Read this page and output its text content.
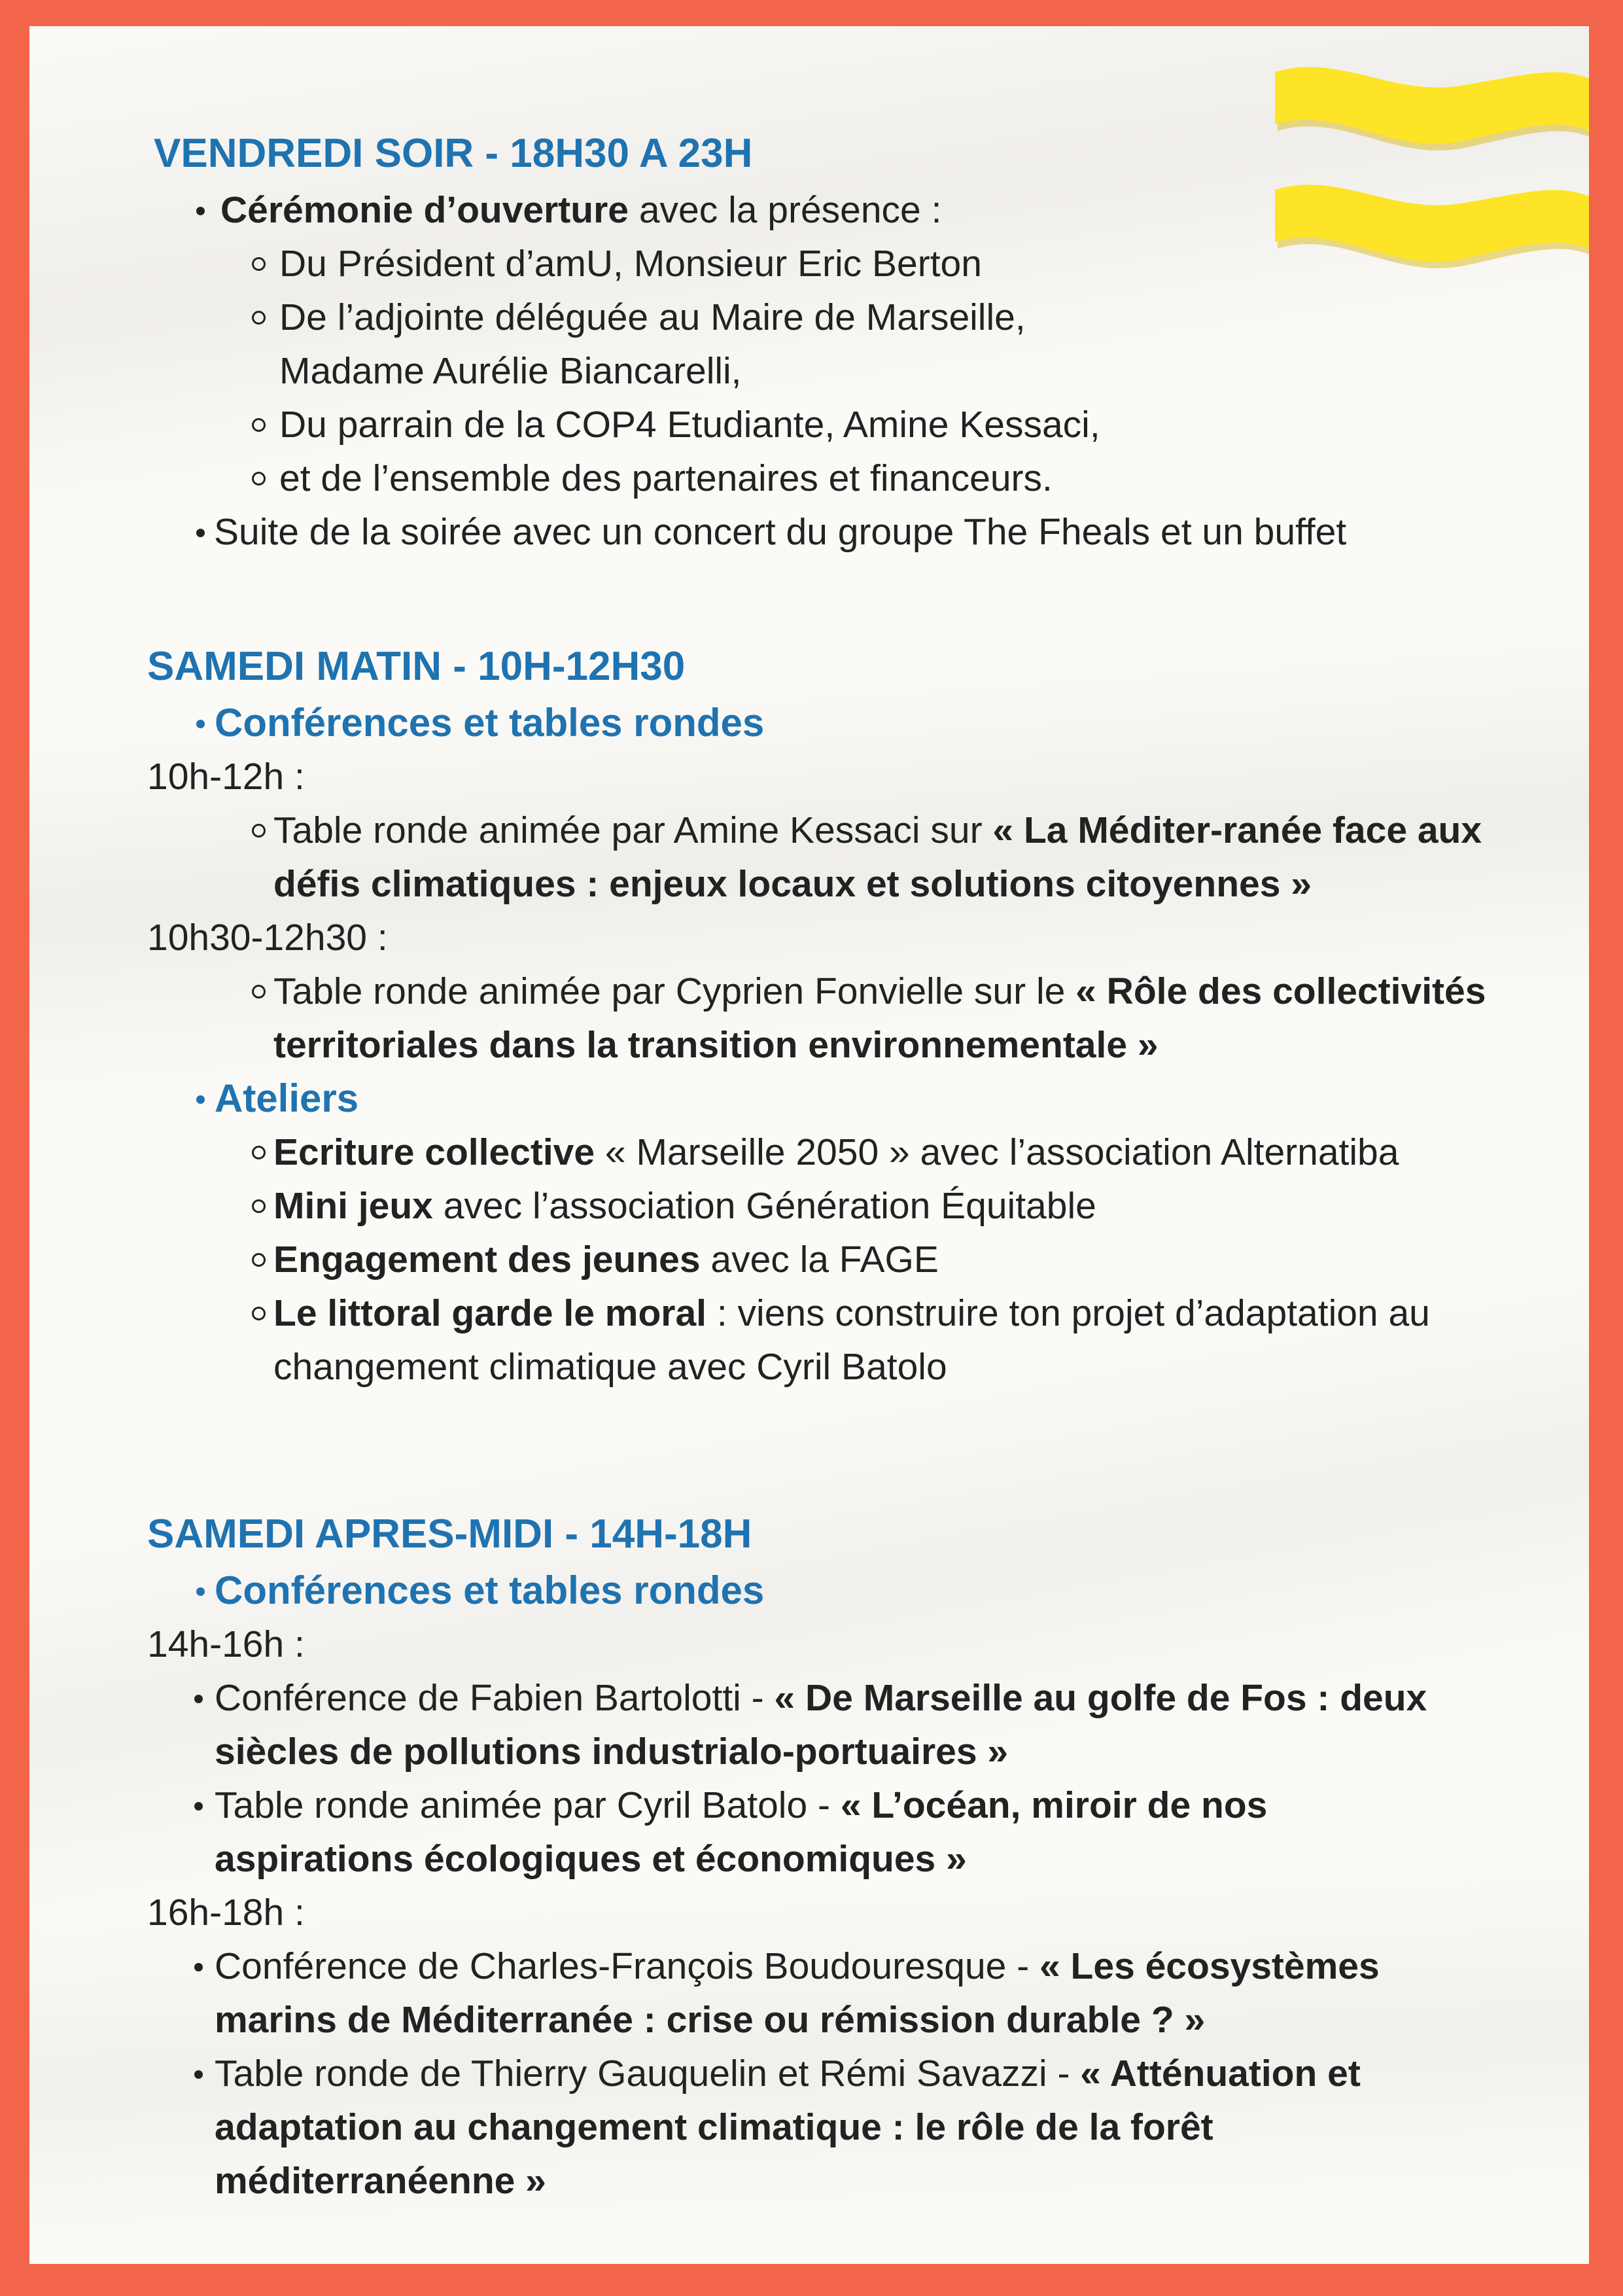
VENDREDI SOIR - 18H30 A 23H
Cérémonie d’ouverture avec la présence :
Du Président d’amU, Monsieur Eric Berton
De l’adjointe déléguée au Maire de Marseille, Madame Aurélie Biancarelli,
Du parrain de la COP4 Etudiante, Amine Kessaci,
et de l’ensemble des partenaires et financeurs.
Suite de la soirée avec un concert du groupe The Fheals et un buffet
SAMEDI MATIN - 10H-12H30
Conférences et tables rondes
10h-12h :
Table ronde animée par Amine Kessaci sur « La Méditer-ranée face aux défis climatiques : enjeux locaux et solutions citoyennes »
10h30-12h30 :
Table ronde animée par Cyprien Fonvielle sur le « Rôle des collectivités territoriales dans la transition environnementale »
Ateliers
Ecriture collective « Marseille 2050 » avec l’association Alternatiba
Mini jeux avec l’association Génération Équitable
Engagement des jeunes avec la FAGE
Le littoral garde le moral : viens construire ton projet d’adaptation au changement climatique avec Cyril Batolo
SAMEDI APRES-MIDI - 14H-18H
Conférences et tables rondes
14h-16h :
Conférence de Fabien Bartolotti - « De Marseille au golfe de Fos : deux siècles de pollutions industrialo-portuaires »
Table ronde animée par Cyril Batolo - « L’océan, miroir de nos aspirations écologiques et économiques »
16h-18h :
Conférence de Charles-François Boudouresque - « Les écosystèmes marins de Méditerranée : crise ou rémission durable ? »
Table ronde de Thierry Gauquelin et Rémi Savazzi - « Atténuation et adaptation au changement climatique : le rôle de la forêt méditerranéenne »
